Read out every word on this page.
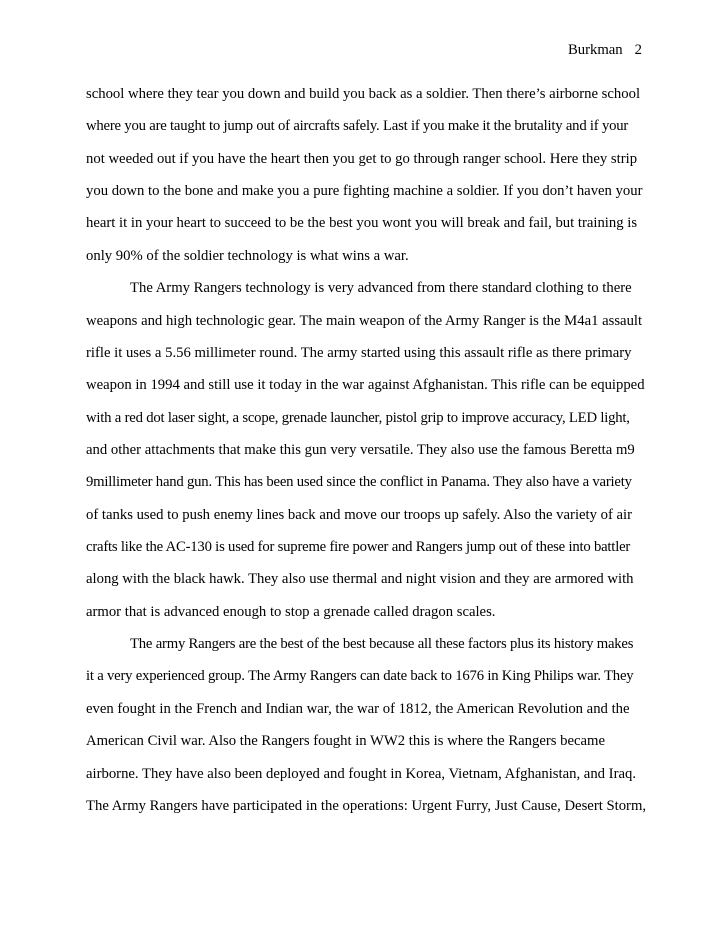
Burkman 2
school where they tear you down and build you back as a soldier. Then there’s airborne school
where you are taught to jump out of aircrafts safely. Last if you make it the brutality and if your
not weeded out if you have the heart then you get to go through ranger school. Here they strip
you down to the bone and make you a pure fighting machine a soldier. If you don’t haven your
heart it in your heart to succeed to be the best you wont you will break and fail, but training is
only 90% of the soldier technology is what wins a war.
The Army Rangers technology is very advanced from there standard clothing to there
weapons and high technologic gear. The main weapon of the Army Ranger is the M4a1 assault
rifle it uses a 5.56 millimeter round. The army started using this assault rifle as there primary
weapon in 1994 and still use it today in the war against Afghanistan. This rifle can be equipped
with a red dot laser sight, a scope, grenade launcher, pistol grip to improve accuracy, LED light,
and other attachments that make this gun very versatile. They also use the famous Beretta m9
9millimeter hand gun. This has been used since the conflict in Panama. They also have a variety
of tanks used to push enemy lines back and move our troops up safely. Also the variety of air
crafts like the AC-130 is used for supreme fire power and Rangers jump out of these into battler
along with the black hawk. They also use thermal and night vision and they are armored with
armor that is advanced enough to stop a grenade called dragon scales.
The army Rangers are the best of the best because all these factors plus its history makes
it a very experienced group. The Army Rangers can date back to 1676 in King Philips war. They
even fought in the French and Indian war, the war of 1812, the American Revolution and the
American Civil war. Also the Rangers fought in WW2 this is where the Rangers became
airborne. They have also been deployed and fought in Korea, Vietnam, Afghanistan, and Iraq.
The Army Rangers have participated in the operations: Urgent Furry, Just Cause, Desert Storm,
